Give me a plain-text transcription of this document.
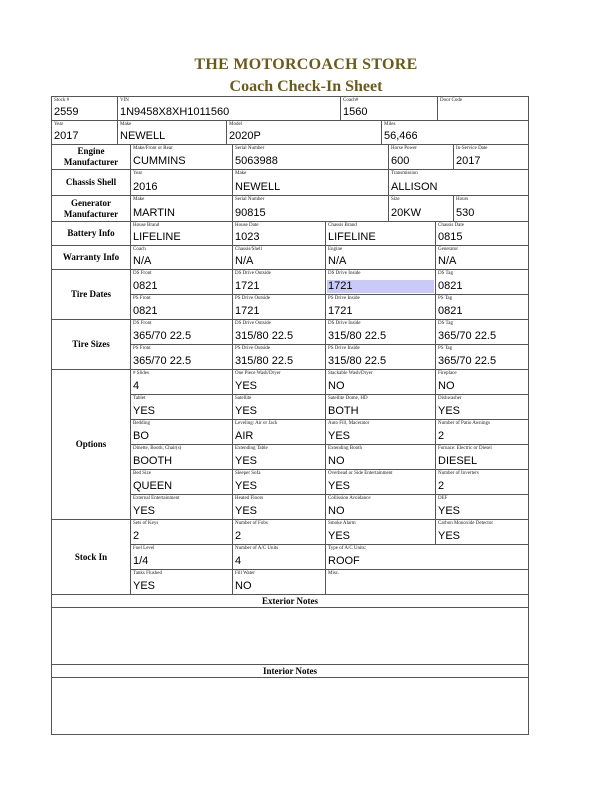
THE MOTORCOACH STORE
Coach Check-In Sheet
Stock #
2559
VIN
1N9458X8XH1011560
Coach#
1560
Door Code
Year
2017
Make
NEWELL
Model
2020P
Miles
56,466
Engine Manufacturer
Make/Front or Rear
CUMMINS
Serial Number
5063988
Horse Power
600
In-Service Date
2017
Chassis Shell
Year
2016
Make
NEWELL
Transmission
ALLISON
Generator Manufacturer
Make
MARTIN
Serial Number
90815
Size
20KW
Hours
530
Battery Info
House Brand
LIFELINE
House Date
1023
Chassis Brand
LIFELINE
Chassis Date
0815
Warranty Info
Coach
N/A
Chassis/Shell
N/A
Engine
N/A
Generator
N/A
Tire Dates
DS Front
0821
DS Drive Outside
1721
DS Drive Inside
1721
DS Tag
0821
PS Front
0821
PS Drive Outside
1721
PS Drive Inside
1721
PS Tag
0821
Tire Sizes
DS Front
365/70 22.5
DS Drive Outside
315/80 22.5
DS Drive Inside
315/80 22.5
DS Tag
365/70 22.5
PS Front
365/70 22.5
PS Drive Outside
315/80 22.5
PS Drive Inside
315/80 22.5
PS Tag
365/70 22.5
Options
# Slides
4
One Piece Wash/Dryer
YES
Stackable Wash/Dryer
NO
Fireplace
NO
Tablet
YES
Satellite
YES
Satellite Dome, HD
BOTH
Dishwasher
YES
Bedding
BO
Leveling: Air or Jack
AIR
Auto Fill, Macerator
YES
Number of Patio Awnings
2
Dinette, Booth, Chair(s)
BOOTH
Extending Table
YES
Extending Booth
NO
Furnace: Electric or Diesel
DIESEL
Bed Size
QUEEN
Sleeper Sofa
YES
Overhead or Side Entertainment
YES
Number of Inverters
2
External Entertainment
YES
Heated Floors
YES
Collission Avoidance
NO
DEF
YES
Stock In
Sets of Keys
2
Number of Fobs
2
Smoke Alarm
YES
Carbon Monoxide Detector
YES
Fuel Level
1/4
Number of A/C Units
4
Type of A/C Units:
ROOF
Tanks Flushed
YES
Fill Water
NO
Misc.
Exterior Notes
Interior Notes
